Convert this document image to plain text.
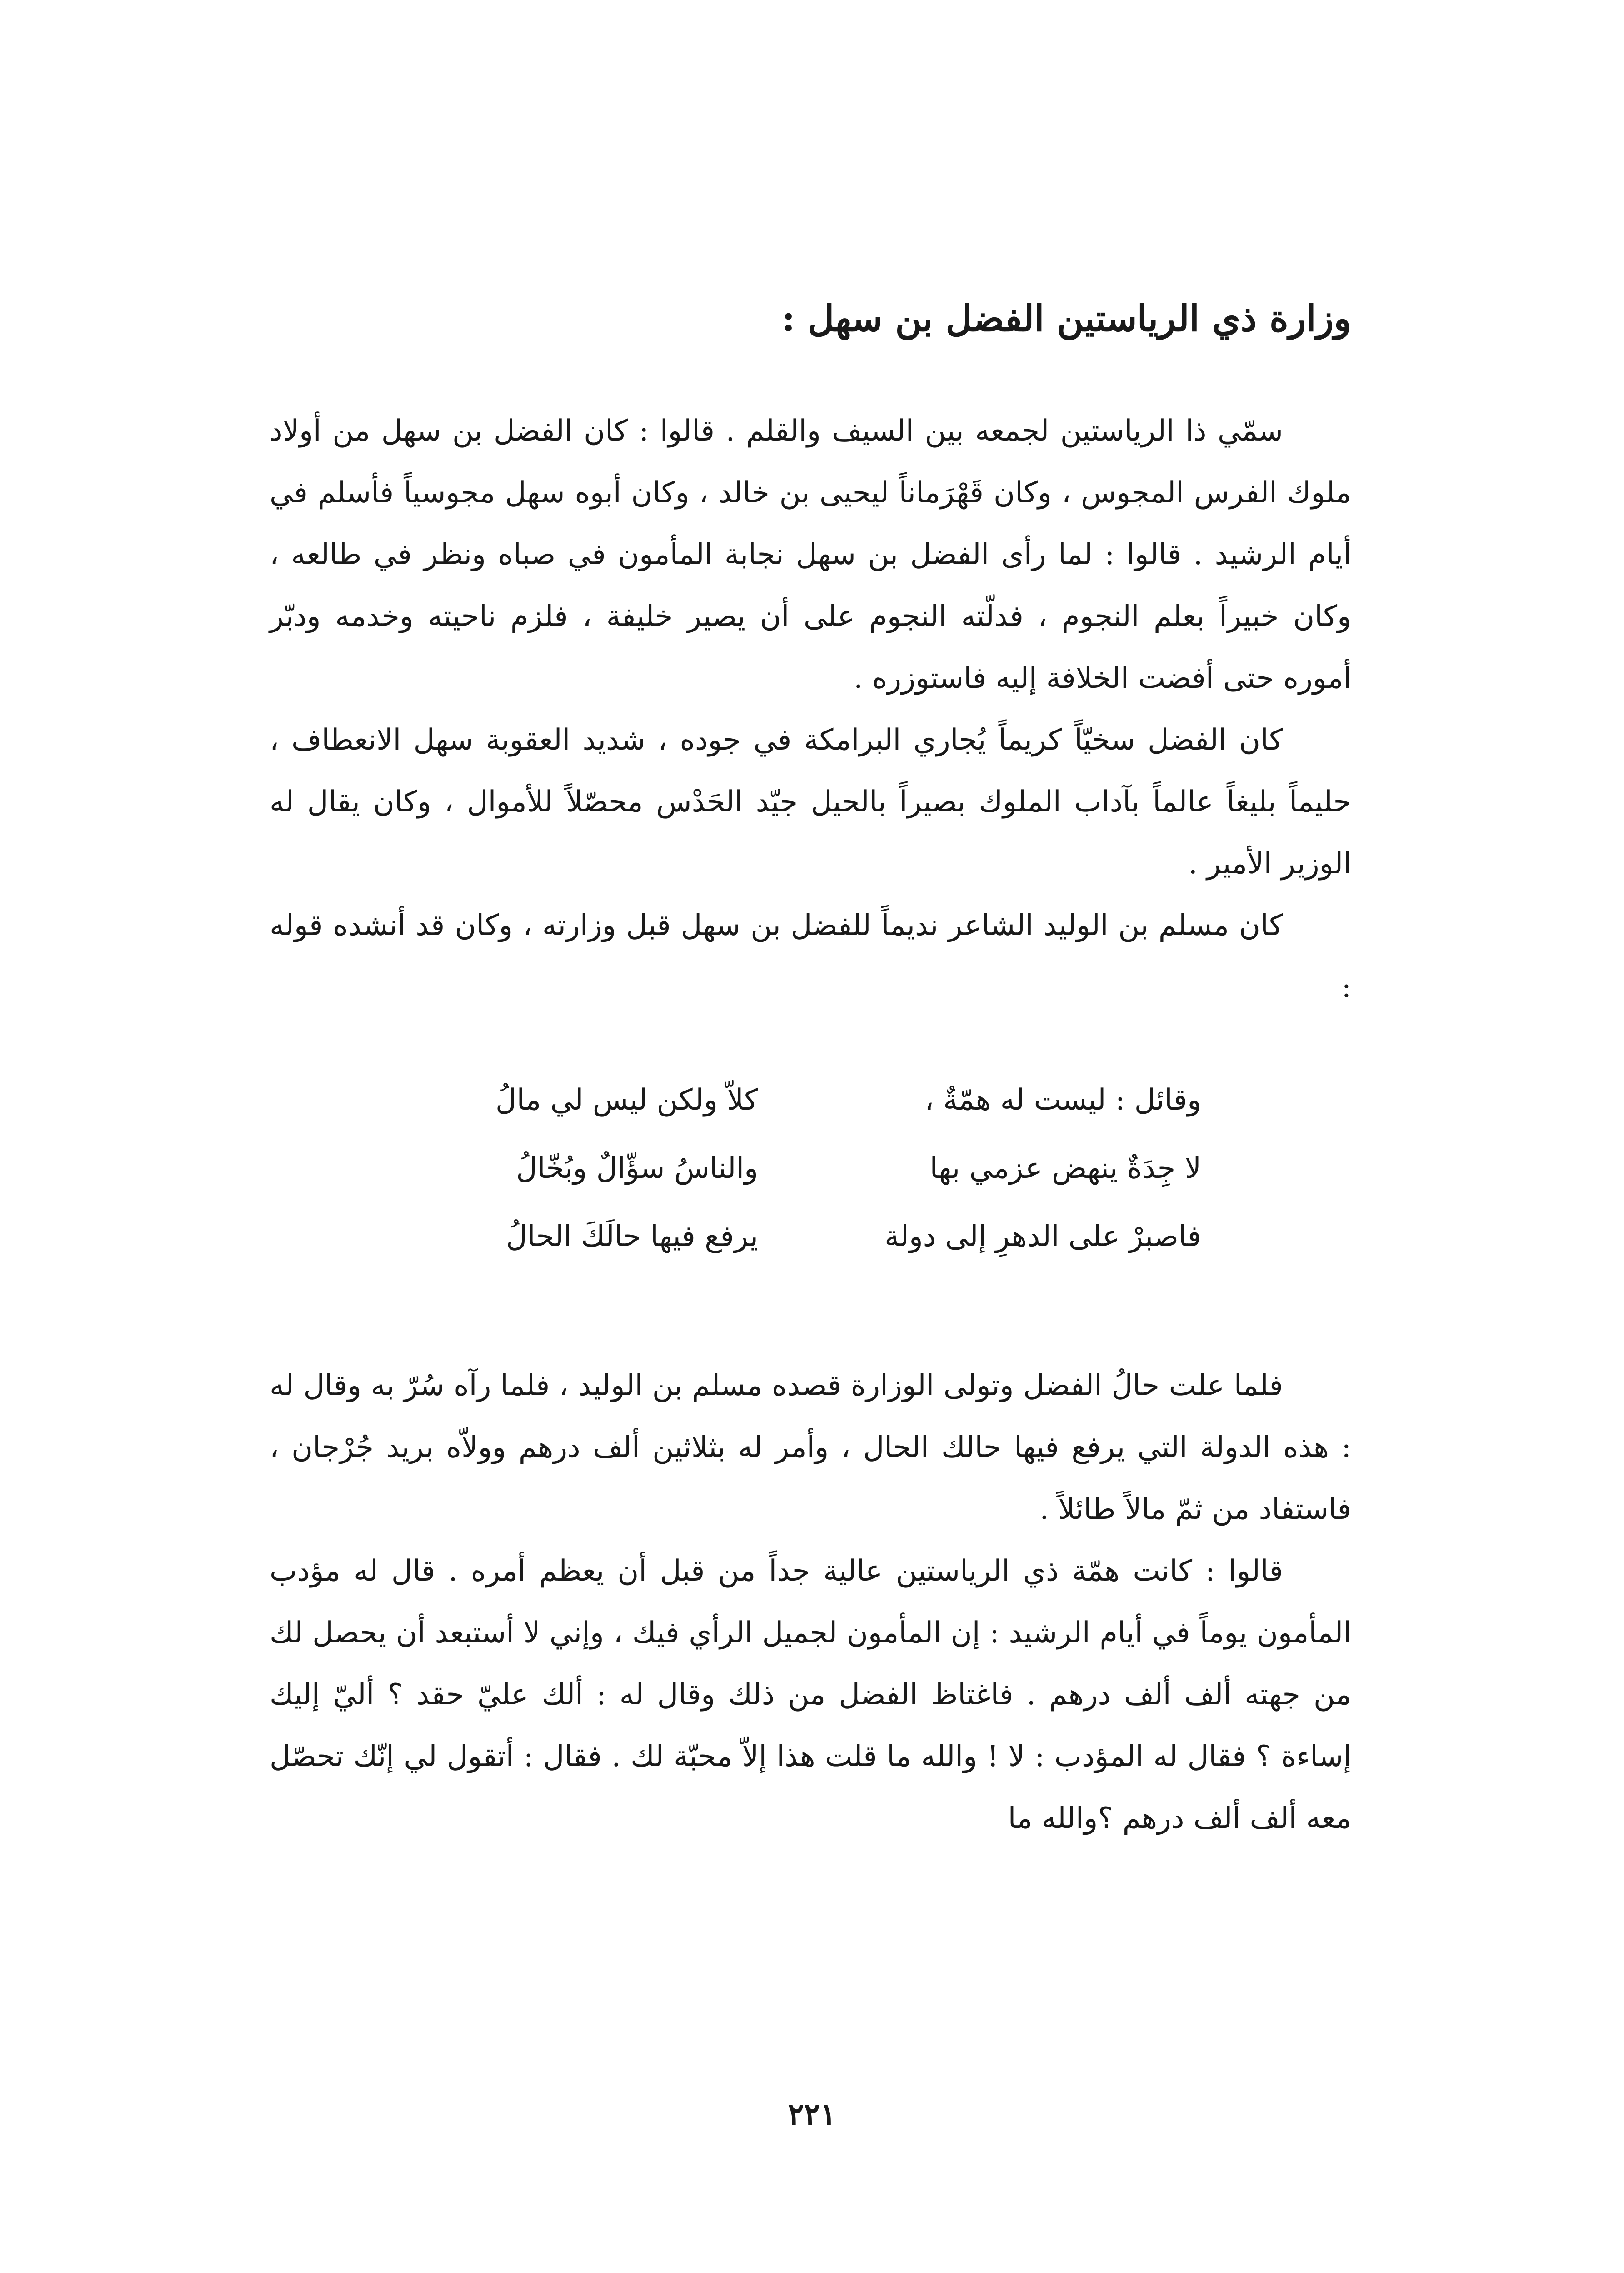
وزارة ذي الرياستين الفضل بن سهل :

سمّي ذا الرياستين لجمعه بين السيف والقلم . قالوا : كان الفضل بن سهل من أولاد ملوك الفرس المجوس ، وكان قَهْرَماناً ليحيى بن خالد ، وكان أبوه سهل مجوسياً فأسلم في أيام الرشيد . قالوا : لما رأى الفضل بن سهل نجابة المأمون في صباه ونظر في طالعه ، وكان خبيراً بعلم النجوم ، فدلّته النجوم على أن يصير خليفة ، فلزم ناحيته وخدمه ودبّر أموره حتى أفضت الخلافة إليه فاستوزره .

كان الفضل سخيّاً كريماً يُجاري البرامكة في جوده ، شديد العقوبة سهل الانعطاف ، حليماً بليغاً عالماً بآداب الملوك بصيراً بالحيل جيّد الحَدْس محصّلاً للأموال ، وكان يقال له الوزير الأمير .

كان مسلم بن الوليد الشاعر نديماً للفضل بن سهل قبل وزارته ، وكان قد أنشده قوله :

وقائل : ليست له همّةٌ ،
كلاّ ولكن ليس لي مالُ
لا جِدَةٌ ينهض عزمي بها
والناسُ سؤّالٌ وبُخّالُ
فاصبرْ على الدهرِ إلى دولة
يرفع فيها حالَكَ الحالُ

فلما علت حالُ الفضل وتولى الوزارة قصده مسلم بن الوليد ، فلما رآه سُرّ به وقال له : هذه الدولة التي يرفع فيها حالك الحال ، وأمر له بثلاثين ألف درهم وولاّه بريد جُرْجان ، فاستفاد من ثمّ مالاً طائلاً .

قالوا : كانت همّة ذي الرياستين عالية جداً من قبل أن يعظم أمره . قال له مؤدب المأمون يوماً في أيام الرشيد : إن المأمون لجميل الرأي فيك ، وإني لا أستبعد أن يحصل لك من جهته ألف ألف درهم . فاغتاظ الفضل من ذلك وقال له : ألك عليّ حقد ؟ أليّ إليك إساءة ؟ فقال له المؤدب : لا ! والله ما قلت هذا إلاّ محبّة لك . فقال : أتقول لي إنّك تحصّل معه ألف ألف درهم ؟والله ما

٢٢١
